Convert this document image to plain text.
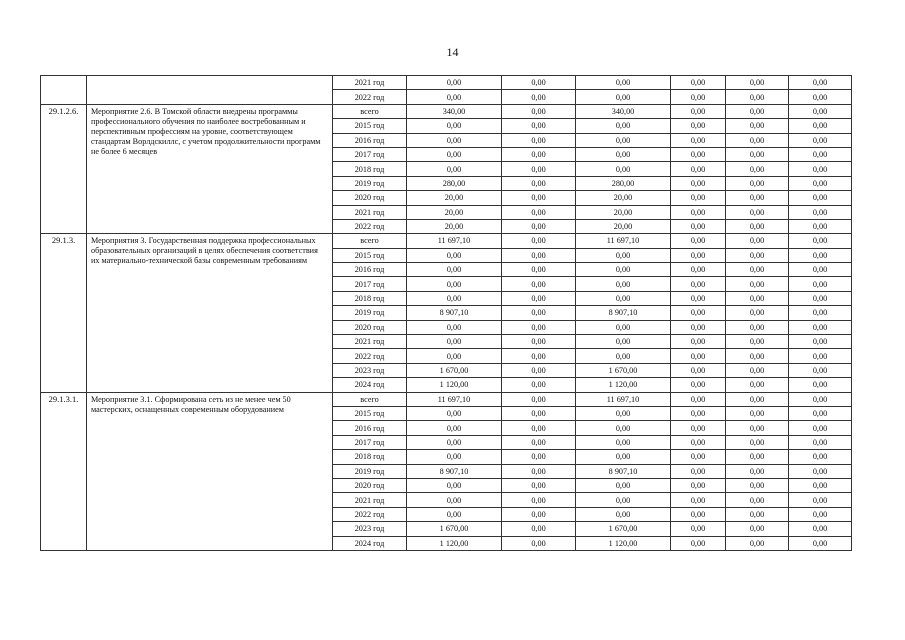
14
		2021 год	0,00	0,00	0,00	0,00	0,00	0,00
		2022 год	0,00	0,00	0,00	0,00	0,00	0,00
29.1.2.6.	Мероприятие 2.6. В Томской области внедрены программы профессионального обучения по наиболее востребованным и перспективным профессиям на уровне, соответствующем стандартам Ворлдскиллс, с учетом продолжительности программ не более 6 месяцев	всего	340,00	0,00	340,00	0,00	0,00	0,00
		2015 год	0,00	0,00	0,00	0,00	0,00	0,00
		2016 год	0,00	0,00	0,00	0,00	0,00	0,00
		2017 год	0,00	0,00	0,00	0,00	0,00	0,00
		2018 год	0,00	0,00	0,00	0,00	0,00	0,00
		2019 год	280,00	0,00	280,00	0,00	0,00	0,00
		2020 год	20,00	0,00	20,00	0,00	0,00	0,00
		2021 год	20,00	0,00	20,00	0,00	0,00	0,00
		2022 год	20,00	0,00	20,00	0,00	0,00	0,00
29.1.3.	Мероприятия 3. Государственная поддержка профессиональных образовательных организаций в целях обеспечения соответствия их материально-технической базы современным требованиям	всего	11 697,10	0,00	11 697,10	0,00	0,00	0,00
		2015 год	0,00	0,00	0,00	0,00	0,00	0,00
		2016 год	0,00	0,00	0,00	0,00	0,00	0,00
		2017 год	0,00	0,00	0,00	0,00	0,00	0,00
		2018 год	0,00	0,00	0,00	0,00	0,00	0,00
		2019 год	8 907,10	0,00	8 907,10	0,00	0,00	0,00
		2020 год	0,00	0,00	0,00	0,00	0,00	0,00
		2021 год	0,00	0,00	0,00	0,00	0,00	0,00
		2022 год	0,00	0,00	0,00	0,00	0,00	0,00
		2023 год	1 670,00	0,00	1 670,00	0,00	0,00	0,00
		2024 год	1 120,00	0,00	1 120,00	0,00	0,00	0,00
29.1.3.1.	Мероприятие 3.1. Сформирована сеть из не менее чем 50 мастерских, оснащенных современным оборудованием	всего	11 697,10	0,00	11 697,10	0,00	0,00	0,00
		2015 год	0,00	0,00	0,00	0,00	0,00	0,00
		2016 год	0,00	0,00	0,00	0,00	0,00	0,00
		2017 год	0,00	0,00	0,00	0,00	0,00	0,00
		2018 год	0,00	0,00	0,00	0,00	0,00	0,00
		2019 год	8 907,10	0,00	8 907,10	0,00	0,00	0,00
		2020 год	0,00	0,00	0,00	0,00	0,00	0,00
		2021 год	0,00	0,00	0,00	0,00	0,00	0,00
		2022 год	0,00	0,00	0,00	0,00	0,00	0,00
		2023 год	1 670,00	0,00	1 670,00	0,00	0,00	0,00
		2024 год	1 120,00	0,00	1 120,00	0,00	0,00	0,00
